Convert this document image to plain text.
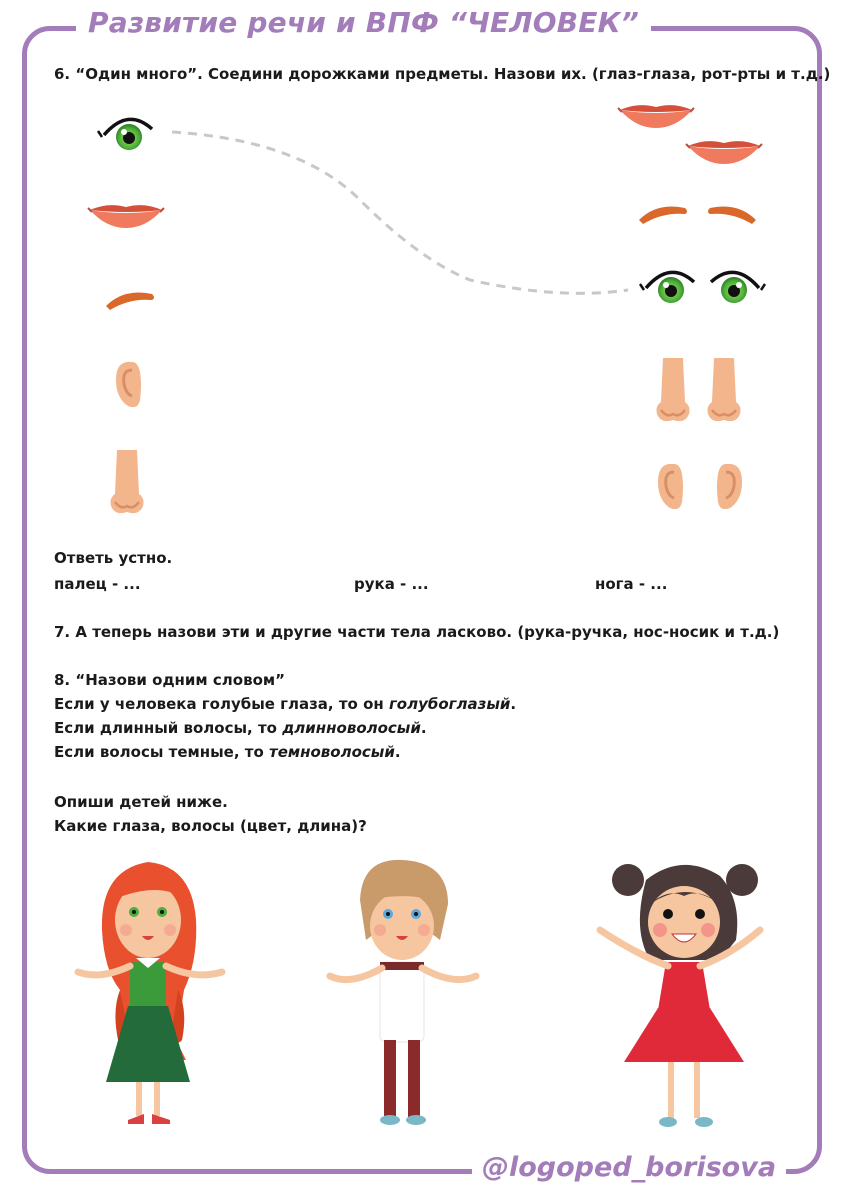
Развитие речи и ВПФ “ЧЕЛОВЕК”
6. “Один много”. Соедини дорожками предметы. Назови их. (глаз-глаза, рот-рты и т.д.)
Ответь устно.
палец - ...	рука - ...	нога - ...
7. А теперь назови эти и другие части тела ласково. (рука-ручка, нос-носик и т.д.)
8. “Назови одним словом”
Если у человека голубые глаза, то он голубоглазый.
Если длинный волосы, то длинноволосый.
Если волосы темные, то темноволосый.
Опиши детей ниже.
Какие глаза, волосы (цвет, длина)?
@logoped_borisova
